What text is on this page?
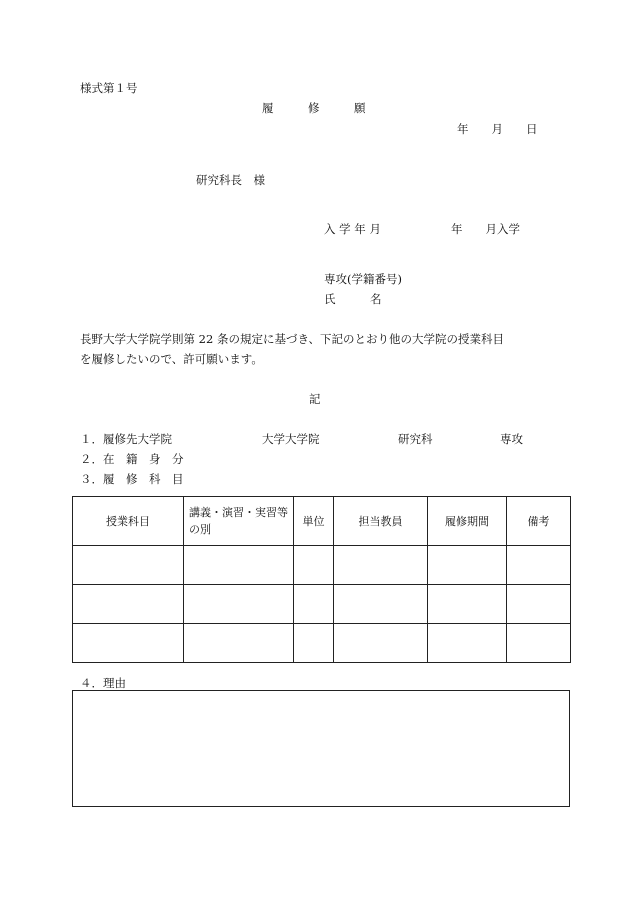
様式第１号
履　　　修　　　願
年　　月　　日
研究科長　様
入 学 年 月	年　　月入学
専攻(学籍番号)
氏　　　名
長野大学大学院学則第 22 条の規定に基づき、下記のとおり他の大学院の授業科目
を履修したいので、許可願います。
記
１．履修先大学院	大学大学院	研究科	専攻
２．在　籍　身　分
３．履　修　科　目
授業科目	講義・演習・実習等の別	単位	担当教員	履修期間	備考

４．理由
